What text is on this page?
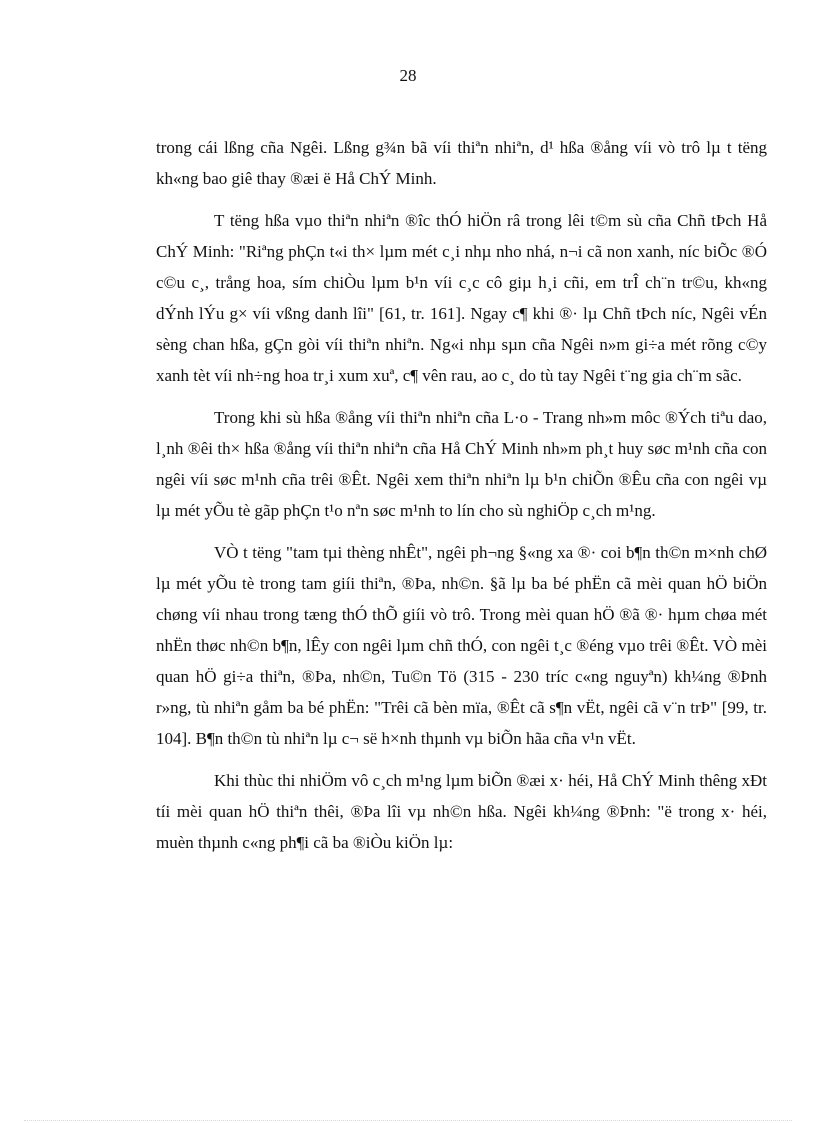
28

trong cái lßng cña Ngêi. Lßng g¾n bã víi thiªn nhiªn, d¹ hßa ®ång víi vò trô lµ t tëng kh«ng bao giê thay ®æi ë Hå ChÝ Minh.

T tëng hßa vµo thiªn nhiªn ®îc thÓ hiÖn râ trong lêi t©m sù cña Chñ tÞch Hå ChÝ Minh: "Riªng phÇn t«i th× lµm mét c¸i nhµ nho nhá, n¬i cã non xanh, níc biÕc ®Ó c©u c¸, trång hoa, sím chiÒu lµm b¹n víi c¸c cô giµ h¸i cñi, em trÎ ch¨n tr©u, kh«ng dÝnh lÝu g× víi vßng danh lîi" [61, tr. 161]. Ngay c¶ khi ®· lµ Chñ tÞch níc, Ngêi vÉn sèng chan hßa, gÇn gòi víi thiªn nhiªn. Ng«i nhµ sµn cña Ngêi n»m gi÷a mét rõng c©y xanh tèt víi nh÷ng hoa tr¸i xum xuª, c¶ vên rau, ao c¸ do tù tay Ngêi t¨ng gia ch¨m sãc.

Trong khi sù hßa ®ång víi thiªn nhiªn cña L·o - Trang nh»m môc ®Ých tiªu dao, l¸nh ®êi th× hßa ®ång víi thiªn nhiªn cña Hå ChÝ Minh nh»m ph¸t huy søc m¹nh cña con ngêi víi søc m¹nh cña trêi ®Êt. Ngêi xem thiªn nhiªn lµ b¹n chiÕn ®Êu cña con ngêi vµ lµ mét yÕu tè gãp phÇn t¹o nªn søc m¹nh to lín cho sù nghiÖp c¸ch m¹ng.

VÒ t tëng "tam tµi thèng nhÊt", ngêi ph¬ng §«ng xa ®· coi b¶n th©n m×nh chØ lµ mét yÕu tè trong tam giíi thiªn, ®Þa, nh©n. §ã lµ ba bé phËn cã mèi quan hÖ biÖn chøng víi nhau trong tæng thÓ thÕ giíi vò trô. Trong mèi quan hÖ ®ã ®· hµm chøa mét nhËn thøc nh©n b¶n, lÊy con ngêi lµm chñ thÓ, con ngêi t¸c ®éng vµo trêi ®Êt. VÒ mèi quan hÖ gi÷a thiªn, ®Þa, nh©n, Tu©n Tö (315 - 230 tríc c«ng nguyªn) kh¼ng ®Þnh r»ng, tù nhiªn gåm ba bé phËn: "Trêi cã bèn mïa, ®Êt cã s¶n vËt, ngêi cã v¨n trÞ" [99, tr. 104]. B¶n th©n tù nhiªn lµ c¬ së h×nh thµnh vµ biÕn hãa cña v¹n vËt.

Khi thùc thi nhiÖm vô c¸ch m¹ng lµm biÕn ®æi x· héi, Hå ChÝ Minh thêng xÐt tíi mèi quan hÖ thiªn thêi, ®Þa lîi vµ nh©n hßa. Ngêi kh¼ng ®Þnh: "ë trong x· héi, muèn thµnh c«ng ph¶i cã ba ®iÒu kiÖn lµ:
